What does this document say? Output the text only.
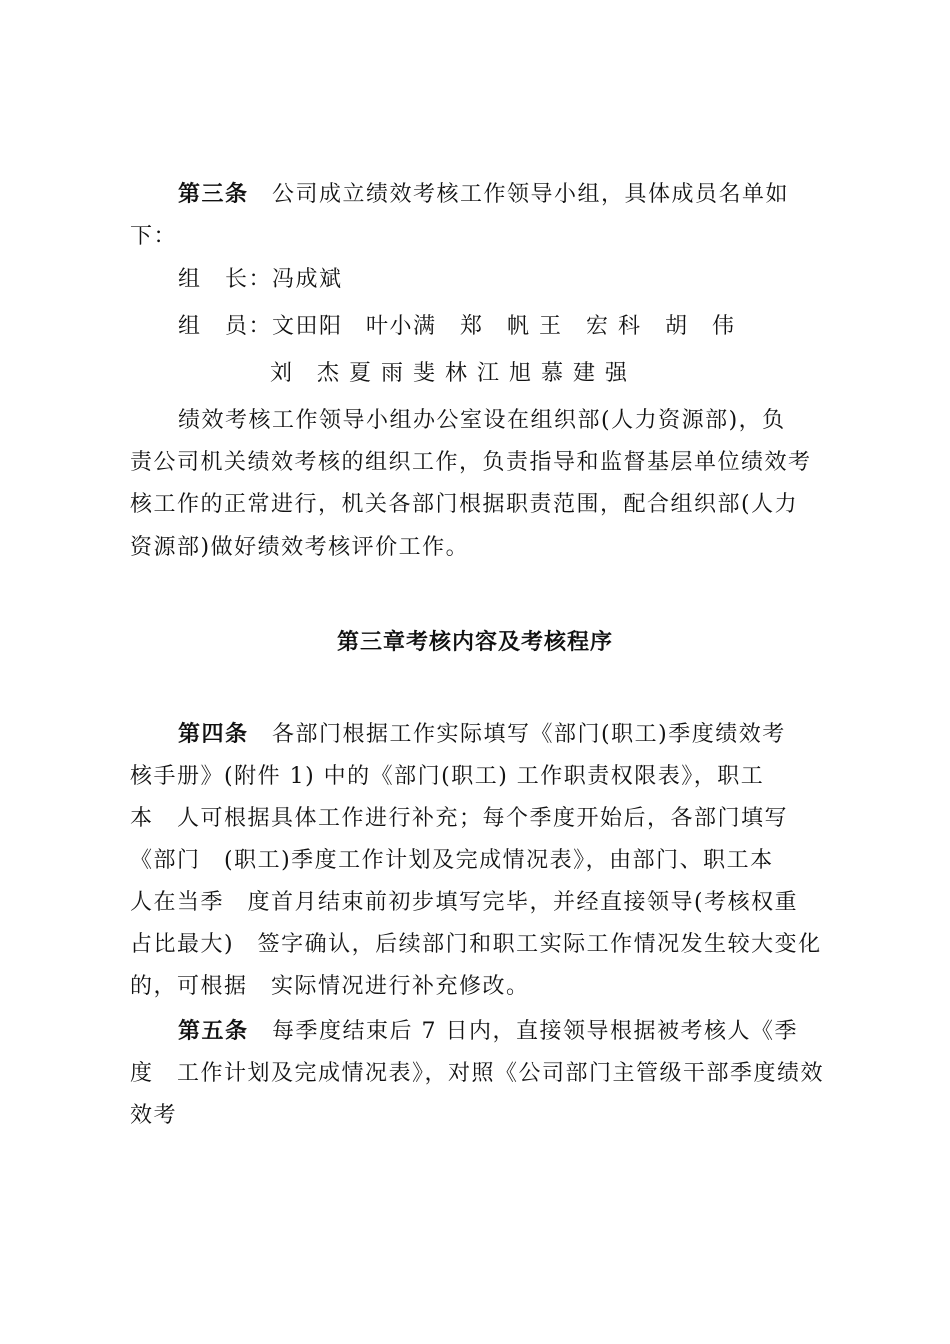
第三条　 公司成立绩效考核工作领导小组，具体成员名单如
下：
组　长：冯成斌
组　员：文田阳　叶小满　郑　帆 王　宏 科　胡　伟
刘　杰 夏 雨 斐 林 江 旭 慕 建 强
绩效考核工作领导小组办公室设在组织部(人力资源部)，负
责公司机关绩效考核的组织工作，负责指导和监督基层单位绩效考
核工作的正常进行，机关各部门根据职责范围，配合组织部(人力
资源部)做好绩效考核评价工作。
第三章考核内容及考核程序
第四条　 各部门根据工作实际填写《部门(职工)季度绩效考
核手册》(附件 1) 中的《部门(职工) 工作职责权限表》，职工
本　人可根据具体工作进行补充；每个季度开始后，各部门填写
《部门　(职工)季度工作计划及完成情况表》，由部门、职工本
人在当季　度首月结束前初步填写完毕，并经直接领导(考核权重
占比最大)　签字确认，后续部门和职工实际工作情况发生较大变化
的，可根据　实际情况进行补充修改。
第五条　 每季度结束后 7 日内，直接领导根据被考核人《季
度　工作计划及完成情况表》，对照《公司部门主管级干部季度绩效
效考
